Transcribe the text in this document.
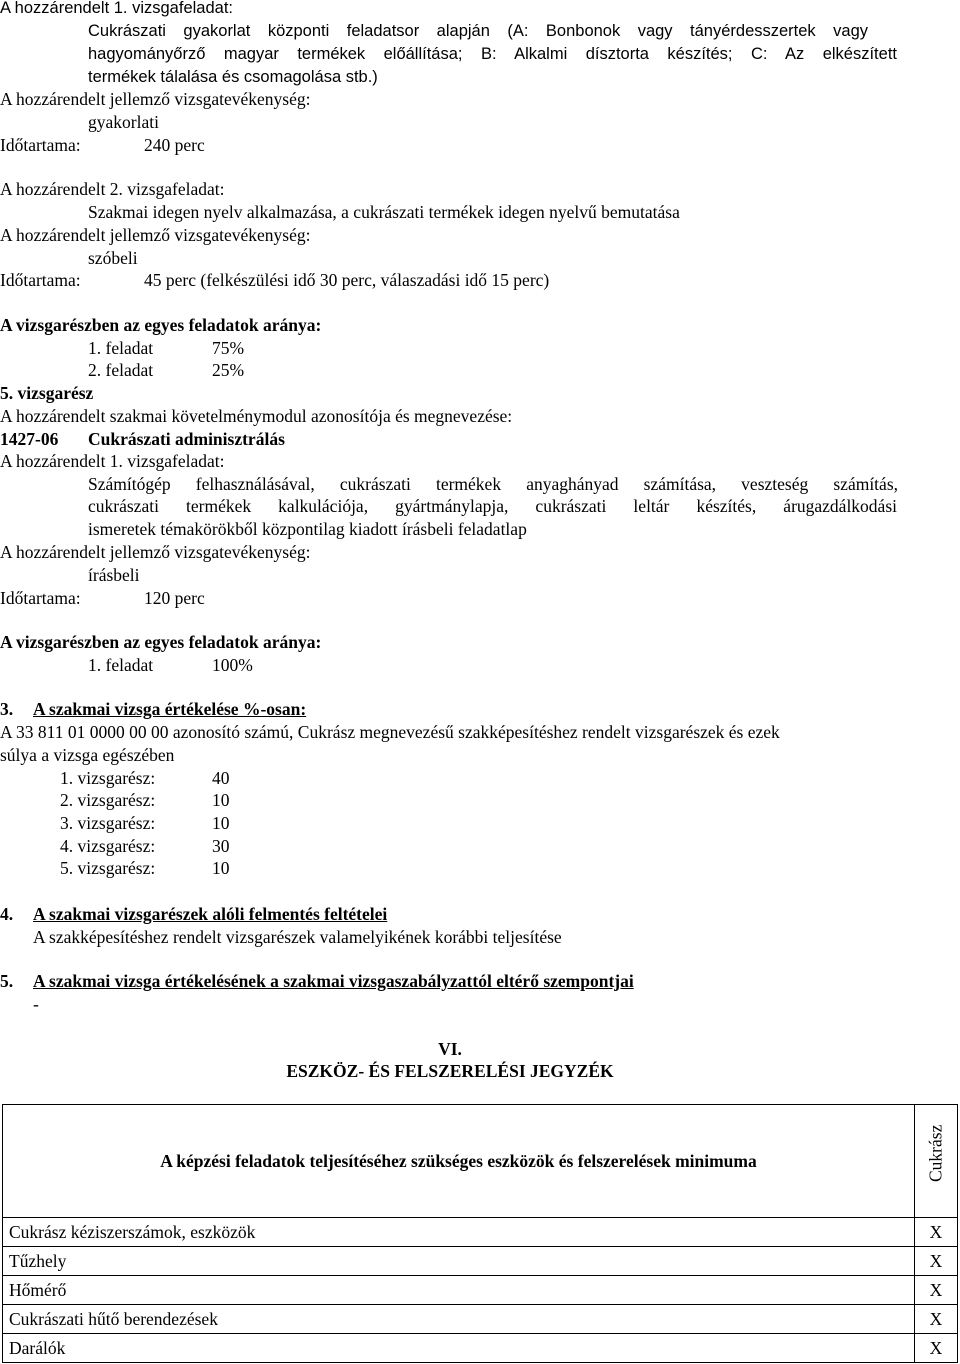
A hozzárendelt 1. vizsgafeladat:
Cukrászati gyakorlat központi feladatsor alapján (A: Bonbonok vagy tányérdesszertek vagy
hagyományőrző magyar termékek előállítása; B: Alkalmi dísztorta készítés; C: Az elkészített
termékek tálalása és csomagolása stb.)
A hozzárendelt jellemző vizsgatevékenység:
gyakorlati
Időtartama:	240 perc
A hozzárendelt 2. vizsgafeladat:
Szakmai idegen nyelv alkalmazása, a cukrászati termékek idegen nyelvű bemutatása
A hozzárendelt jellemző vizsgatevékenység:
szóbeli
Időtartama:	45 perc (felkészülési idő 30 perc, válaszadási idő 15 perc)
A vizsgarészben az egyes feladatok aránya:
1. feladat	75%
2. feladat	25%
5. vizsgarész
A hozzárendelt szakmai követelménymodul azonosítója és megnevezése:
1427-06 Cukrászati adminisztrálás
A hozzárendelt 1. vizsgafeladat:
Számítógép felhasználásával, cukrászati termékek anyaghányad számítása, veszteség számítás,
cukrászati termékek kalkulációja, gyártmánylapja, cukrászati leltár készítés, árugazdálkodási
ismeretek témakörökből központilag kiadott írásbeli feladatlap
A hozzárendelt jellemző vizsgatevékenység:
írásbeli
Időtartama:	120 perc
A vizsgarészben az egyes feladatok aránya:
1. feladat	100%
3. A szakmai vizsga értékelése %-osan:
A 33 811 01 0000 00 00 azonosító számú, Cukrász megnevezésű szakképesítéshez rendelt vizsgarészek és ezek
súlya a vizsga egészében
1. vizsgarész:	40
2. vizsgarész:	10
3. vizsgarész:	10
4. vizsgarész:	30
5. vizsgarész:	10
4. A szakmai vizsgarészek alóli felmentés feltételei
A szakképesítéshez rendelt vizsgarészek valamelyikének korábbi teljesítése
5. A szakmai vizsga értékelésének a szakmai vizsgaszabályzattól eltérő szempontjai
-
VI.
ESZKÖZ- ÉS FELSZERELÉSI JEGYZÉK
A képzési feladatok teljesítéséhez szükséges eszközök és felszerelések minimuma	Cukrász

Cukrász kéziszerszámok, eszközök	X
Tűzhely	X
Hőmérő	X
Cukrászati hűtő berendezések	X
Darálók	X
